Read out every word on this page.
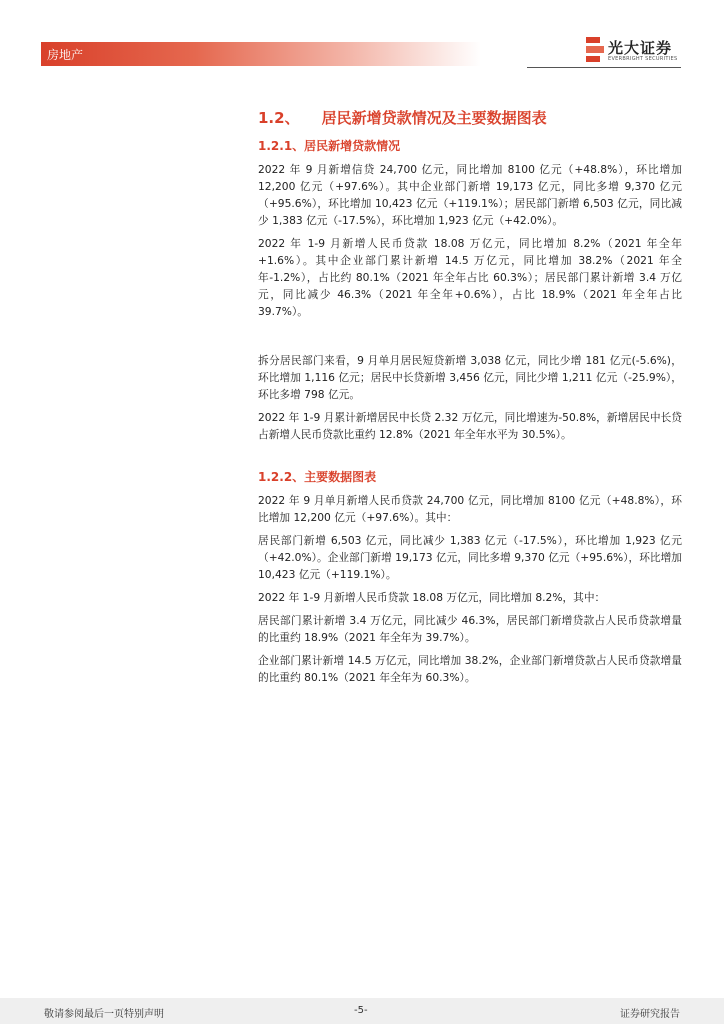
房地产	光大证券
EVERBRIGHT SECURITIES
1.2、 居民新增贷款情况及主要数据图表
1.2.1、居民新增贷款情况

2022 年 9 月新增信贷 24,700 亿元，同比增加 8100 亿元（+48.8%），环比增加 12,200 亿元（+97.6%）。其中企业部门新增 19,173 亿元，同比多增 9,370 亿元（+95.6%），环比增加 10,423 亿元（+119.1%）；居民部门新增 6,503 亿元，同比减少 1,383 亿元（-17.5%），环比增加 1,923 亿元（+42.0%）。

2022 年 1-9 月新增人民币贷款 18.08 万亿元，同比增加 8.2%（2021 年全年+1.6%）。其中企业部门累计新增 14.5 万亿元，同比增加 38.2%（2021 年全年-1.2%），占比约 80.1%（2021 年全年占比 60.3%）；居民部门累计新增 3.4 万亿元，同比减少 46.3%（2021 年全年+0.6%），占比 18.9%（2021 年全年占比 39.7%）。

拆分居民部门来看，9 月单月居民短贷新增 3,038 亿元，同比少增 181 亿元(-5.6%)，环比增加 1,116 亿元；居民中长贷新增 3,456 亿元，同比少增 1,211 亿元（-25.9%），环比多增 798 亿元。

2022 年 1-9 月累计新增居民中长贷 2.32 万亿元，同比增速为-50.8%，新增居民中长贷占新增人民币贷款比重约 12.8%（2021 年全年水平为 30.5%）。

1.2.2、主要数据图表

2022 年 9 月单月新增人民币贷款 24,700 亿元，同比增加 8100 亿元（+48.8%），环比增加 12,200 亿元（+97.6%）。其中：

居民部门新增 6,503 亿元，同比减少 1,383 亿元（-17.5%），环比增加 1,923 亿元（+42.0%）。企业部门新增 19,173 亿元，同比多增 9,370 亿元（+95.6%），环比增加 10,423 亿元（+119.1%）。

2022 年 1-9 月新增人民币贷款 18.08 万亿元，同比增加 8.2%，其中：

居民部门累计新增 3.4 万亿元，同比减少 46.3%，居民部门新增贷款占人民币贷款增量的比重约 18.9%（2021 年全年为 39.7%）。

企业部门累计新增 14.5 万亿元，同比增加 38.2%，企业部门新增贷款占人民币贷款增量的比重约 80.1%（2021 年全年为 60.3%）。

敬请参阅最后一页特别声明	-5-	证券研究报告
